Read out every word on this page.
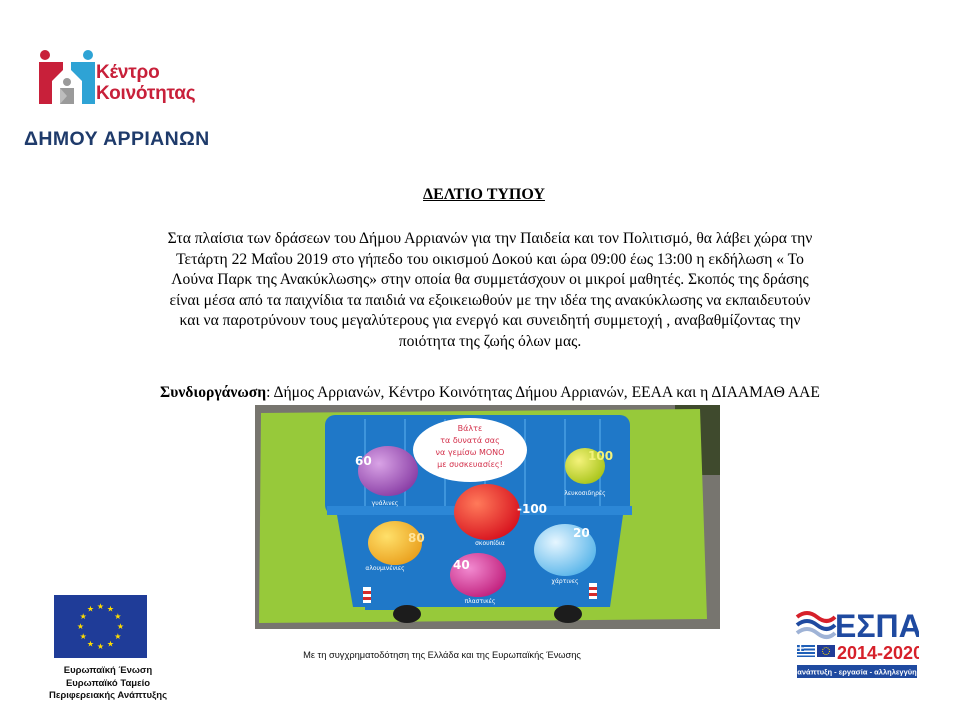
Κέντρο
Κοινότητας
ΔΗΜΟΥ ΑΡΡΙΑΝΩΝ
ΔΕΛΤΙΟ ΤΥΠΟΥ

Στα πλαίσια των δράσεων του Δήμου Αρριανών για την Παιδεία και τον Πολιτισμό, θα λάβει χώρα την

Τετάρτη 22 Μαΐου 2019 στο γήπεδο του οικισμού Δοκού και ώρα 09:00 έως 13:00 η εκδήλωση « Το

Λούνα Παρκ της Ανακύκλωσης» στην οποία θα συμμετάσχουν οι μικροί μαθητές. Σκοπός της δράσης

είναι μέσα από τα παιχνίδια τα παιδιά να εξοικειωθούν με την ιδέα της ανακύκλωσης να εκπαιδευτούν

και να παροτρύνουν τους μεγαλύτερους για ενεργό και συνειδητή συμμετοχή , αναβαθμίζοντας την

ποιότητα της ζωής όλων μας.

Συνδιοργάνωση: Δήμος Αρριανών, Κέντρο Κοινότητας Δήμου Αρριανών, ΕΕΑΑ και η ΔΙΑΑΜΑΘ ΑΑΕ
Βάλτε
τα δυνατά σας
να γεμίσω ΜΟΝΟ
με συσκευασίες!
60	100
-100
80	20
40
γυάλινες
λευκοσιδηρές
σκουπίδια
αλουμινένιες
χάρτινες
πλαστικές
★ ★
★
★
★
★
★
★
★
★
★
★
Ευρωπαϊκή Ένωση
Ευρωπαϊκό Ταμείο
Περιφερειακής Ανάπτυξης
Με τη συγχρηματοδότηση της Ελλάδα και της Ευρωπαϊκής Ένωσης
ΕΣΠΑ
2014-2020
ανάπτυξη - εργασία - αλληλεγγύη
